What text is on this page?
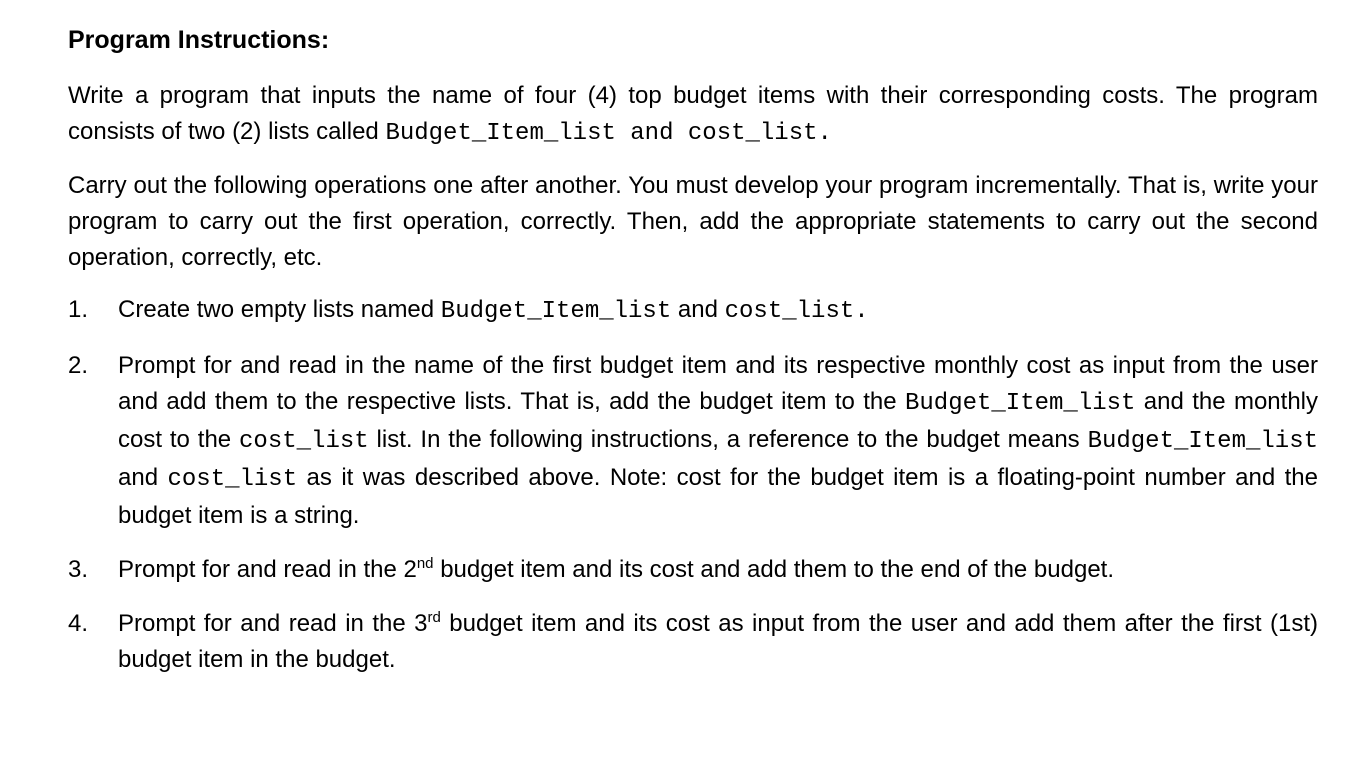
Program Instructions:

Write a program that inputs the name of four (4) top budget items with their corresponding costs. The program consists of two (2) lists called Budget_Item_list and cost_list.

Carry out the following operations one after another. You must develop your program incrementally. That is, write your program to carry out the first operation, correctly. Then, add the appropriate statements to carry out the second operation, correctly, etc.

1.	Create two empty lists named Budget_Item_list and cost_list.
2.	Prompt for and read in the name of the first budget item and its respective monthly cost as input from the user and add them to the respective lists. That is, add the budget item to the Budget_Item_list and the monthly cost to the cost_list list. In the following instructions, a reference to the budget means Budget_Item_list and cost_list as it was described above. Note: cost for the budget item is a floating-point number and the budget item is a string.
3.	Prompt for and read in the 2nd budget item and its cost and add them to the end of the budget.
4.	Prompt for and read in the 3rd budget item and its cost as input from the user and add them after the first (1st) budget item in the budget.
